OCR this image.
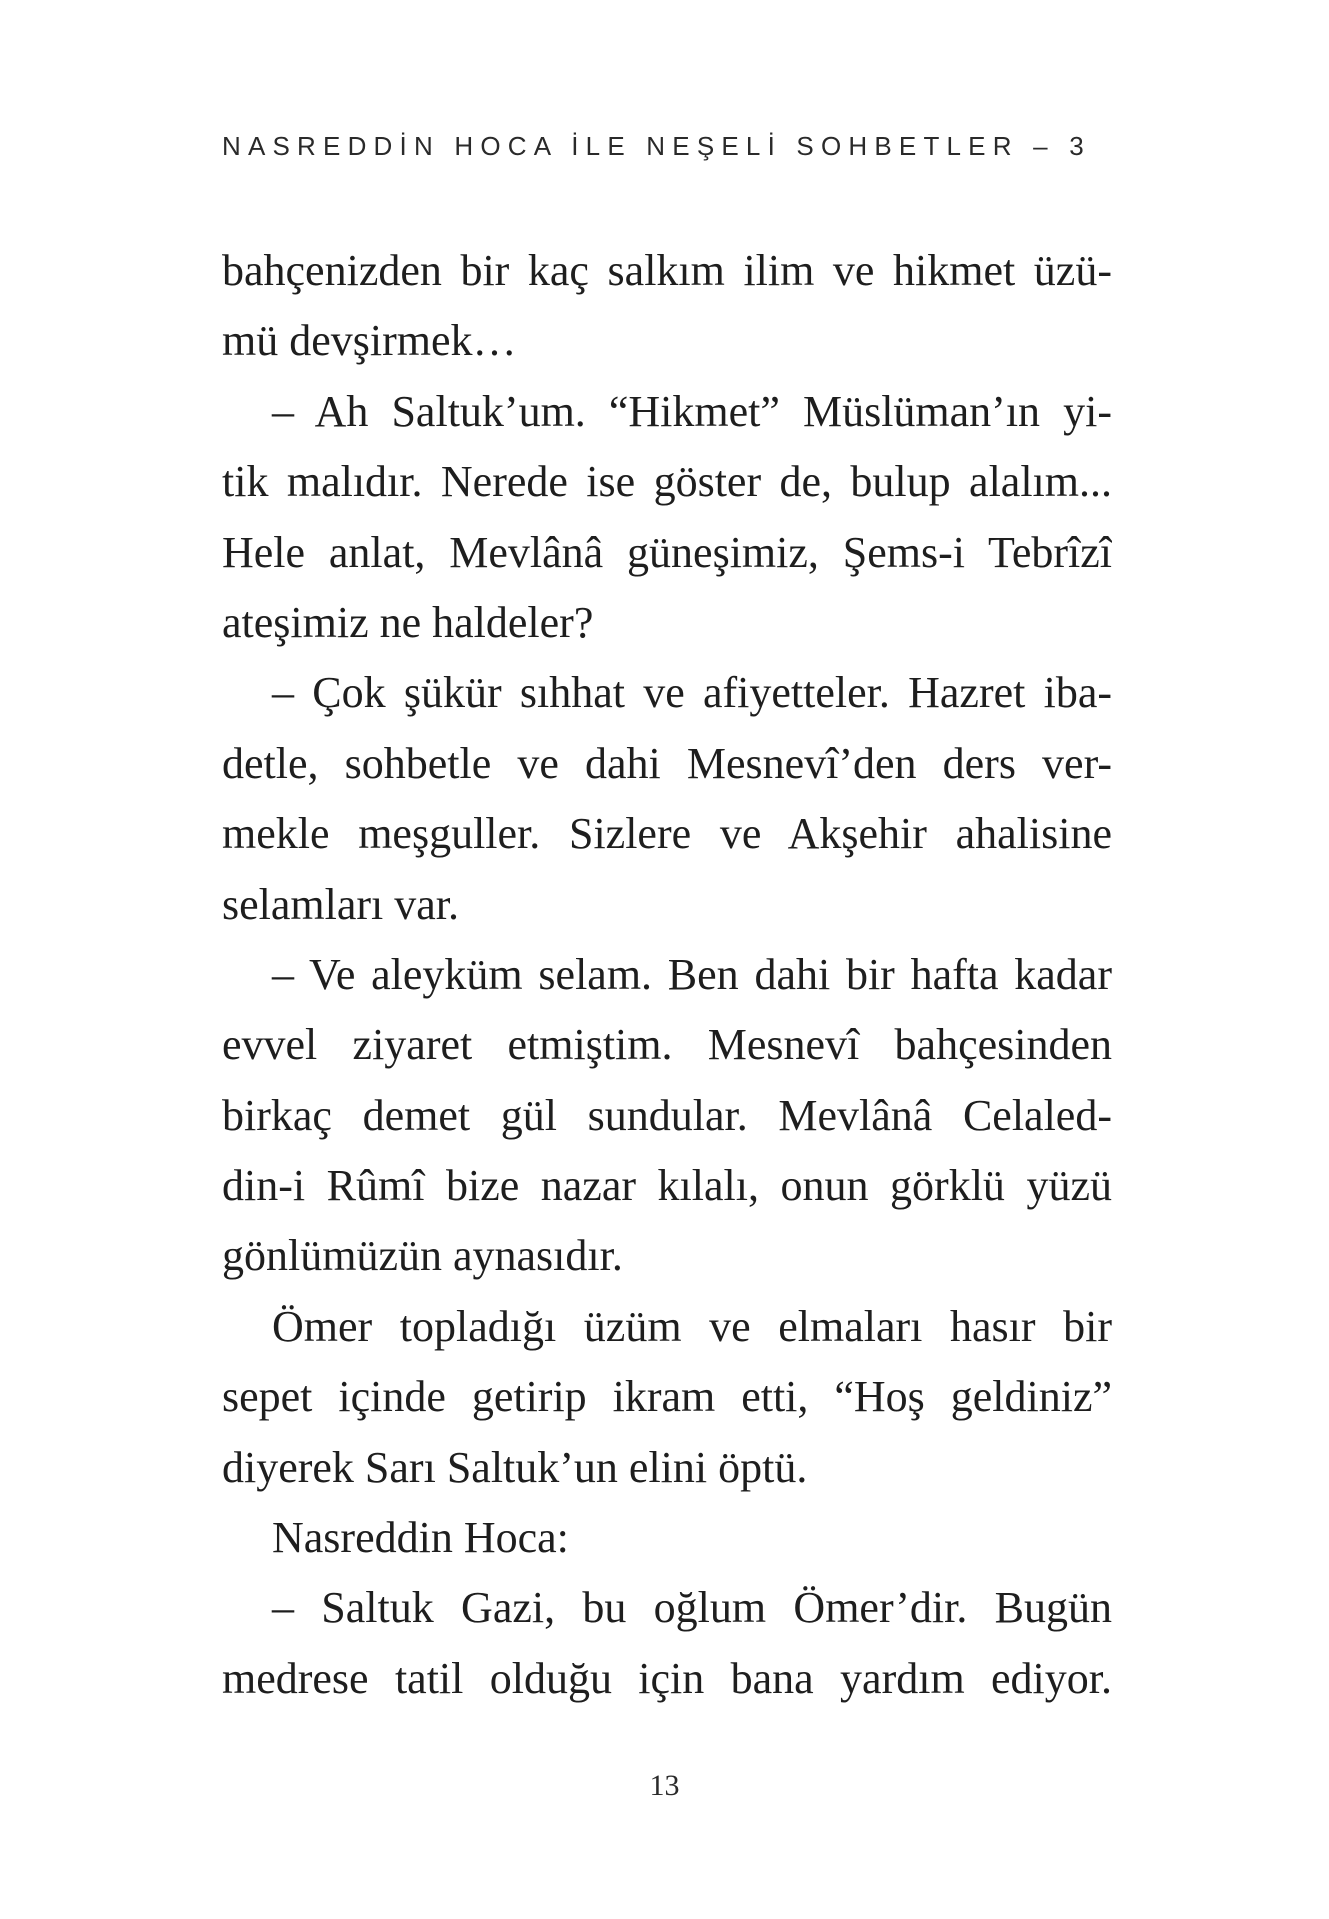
NASREDDİN HOCA İLE NEŞELİ SOHBETLER – 3
bahçenizden bir kaç salkım ilim ve hikmet üzü-
mü devşirmek…
– Ah Saltuk’um. “Hikmet” Müslüman’ın yi-
tik malıdır. Nerede ise göster de, bulup alalım...
Hele anlat, Mevlânâ güneşimiz, Şems-i Tebrîzî
ateşimiz ne haldeler?
– Çok şükür sıhhat ve afiyetteler. Hazret iba-
detle, sohbetle ve dahi Mesnevî’den ders ver-
mekle meşguller. Sizlere ve Akşehir ahalisine
selamları var.
– Ve aleyküm selam. Ben dahi bir hafta kadar
evvel ziyaret etmiştim. Mesnevî bahçesinden
birkaç demet gül sundular. Mevlânâ Celaled-
din-i Rûmî bize nazar kılalı, onun görklü yüzü
gönlümüzün aynasıdır.
Ömer topladığı üzüm ve elmaları hasır bir
sepet içinde getirip ikram etti, “Hoş geldiniz”
diyerek Sarı Saltuk’un elini öptü.
Nasreddin Hoca:
– Saltuk Gazi, bu oğlum Ömer’dir. Bugün
medrese tatil olduğu için bana yardım ediyor.
13
